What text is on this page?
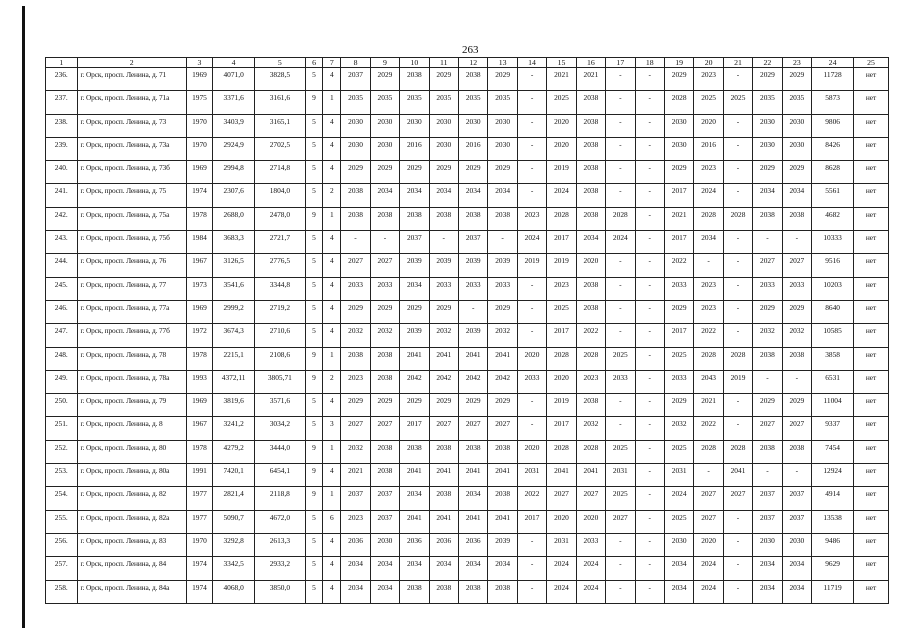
263
1	2	3	4	5	6	7	8	9	10	11	12	13	14	15	16	17	18	19	20	21	22	23	24	25
236.	г. Орск, просп. Ленина, д. 71	1969	4071,0	3828,5	5	4	2037	2029	2038	2029	2038	2029	-	2021	2021	-	-	2029	2023	-	2029	2029	11728	нет
237.	г. Орск, просп. Ленина, д. 71а	1975	3371,6	3161,6	9	1	2035	2035	2035	2035	2035	2035	-	2025	2038	-	-	2028	2025	2025	2035	2035	5873	нет
238.	г. Орск, просп. Ленина, д. 73	1970	3403,9	3165,1	5	4	2030	2030	2030	2030	2030	2030	-	2020	2038	-	-	2030	2020	-	2030	2030	9806	нет
239.	г. Орск, просп. Ленина, д. 73а	1970	2924,9	2702,5	5	4	2030	2030	2016	2030	2016	2030	-	2020	2038	-	-	2030	2016	-	2030	2030	8426	нет
240.	г. Орск, просп. Ленина, д. 73б	1969	2994,8	2714,8	5	4	2029	2029	2029	2029	2029	2029	-	2019	2038	-	-	2029	2023	-	2029	2029	8628	нет
241.	г. Орск, просп. Ленина, д. 75	1974	2307,6	1804,0	5	2	2038	2034	2034	2034	2034	2034	-	2024	2038	-	-	2017	2024	-	2034	2034	5561	нет
242.	г. Орск, просп. Ленина, д. 75а	1978	2688,0	2478,0	9	1	2038	2038	2038	2038	2038	2038	2023	2028	2038	2028	-	2021	2028	2028	2038	2038	4682	нет
243.	г. Орск, просп. Ленина, д. 75б	1984	3683,3	2721,7	5	4	-	-	2037	-	2037	-	2024	2017	2034	2024	-	2017	2034	-	-	-	10333	нет
244.	г. Орск, просп. Ленина, д. 76	1967	3126,5	2776,5	5	4	2027	2027	2039	2039	2039	2039	2019	2019	2020	-	-	2022	-	-	2027	2027	9516	нет
245.	г. Орск, просп. Ленина, д. 77	1973	3541,6	3344,8	5	4	2033	2033	2034	2033	2033	2033	-	2023	2038	-	-	2033	2023	-	2033	2033	10203	нет
246.	г. Орск, просп. Ленина, д. 77а	1969	2999,2	2719,2	5	4	2029	2029	2029	2029	-	2029	-	2025	2038	-	-	2029	2023	-	2029	2029	8640	нет
247.	г. Орск, просп. Ленина, д. 77б	1972	3674,3	2710,6	5	4	2032	2032	2039	2032	2039	2032	-	2017	2022	-	-	2017	2022	-	2032	2032	10585	нет
248.	г. Орск, просп. Ленина, д. 78	1978	2215,1	2108,6	9	1	2038	2038	2041	2041	2041	2041	2020	2028	2028	2025	-	2025	2028	2028	2038	2038	3858	нет
249.	г. Орск, просп. Ленина, д. 78а	1993	4372,11	3805,71	9	2	2023	2038	2042	2042	2042	2042	2033	2020	2023	2033	-	2033	2043	2019	-	-	6531	нет
250.	г. Орск, просп. Ленина, д. 79	1969	3819,6	3571,6	5	4	2029	2029	2029	2029	2029	2029	-	2019	2038	-	-	2029	2021	-	2029	2029	11004	нет
251.	г. Орск, просп. Ленина, д. 8	1967	3241,2	3034,2	5	3	2027	2027	2017	2027	2027	2027	-	2017	2032	-	-	2032	2022	-	2027	2027	9337	нет
252.	г. Орск, просп. Ленина, д. 80	1978	4279,2	3444,0	9	1	2032	2038	2038	2038	2038	2038	2020	2028	2028	2025	-	2025	2028	2028	2038	2038	7454	нет
253.	г. Орск, просп. Ленина, д. 80а	1991	7420,1	6454,1	9	4	2021	2038	2041	2041	2041	2041	2031	2041	2041	2031	-	2031	-	2041	-	-	12924	нет
254.	г. Орск, просп. Ленина, д. 82	1977	2821,4	2118,8	9	1	2037	2037	2034	2038	2034	2038	2022	2027	2027	2025	-	2024	2027	2027	2037	2037	4914	нет
255.	г. Орск, просп. Ленина, д. 82а	1977	5090,7	4672,0	5	6	2023	2037	2041	2041	2041	2041	2017	2020	2020	2027	-	2025	2027	-	2037	2037	13538	нет
256.	г. Орск, просп. Ленина, д. 83	1970	3292,8	2613,3	5	4	2036	2030	2036	2036	2036	2039	-	2031	2033	-	-	2030	2020	-	2030	2030	9486	нет
257.	г. Орск, просп. Ленина, д. 84	1974	3342,5	2933,2	5	4	2034	2034	2034	2034	2034	2034	-	2024	2024	-	-	2034	2024	-	2034	2034	9629	нет
258.	г. Орск, просп. Ленина, д. 84а	1974	4068,0	3850,0	5	4	2034	2034	2038	2038	2038	2038	-	2024	2024	-	-	2034	2024	-	2034	2034	11719	нет
